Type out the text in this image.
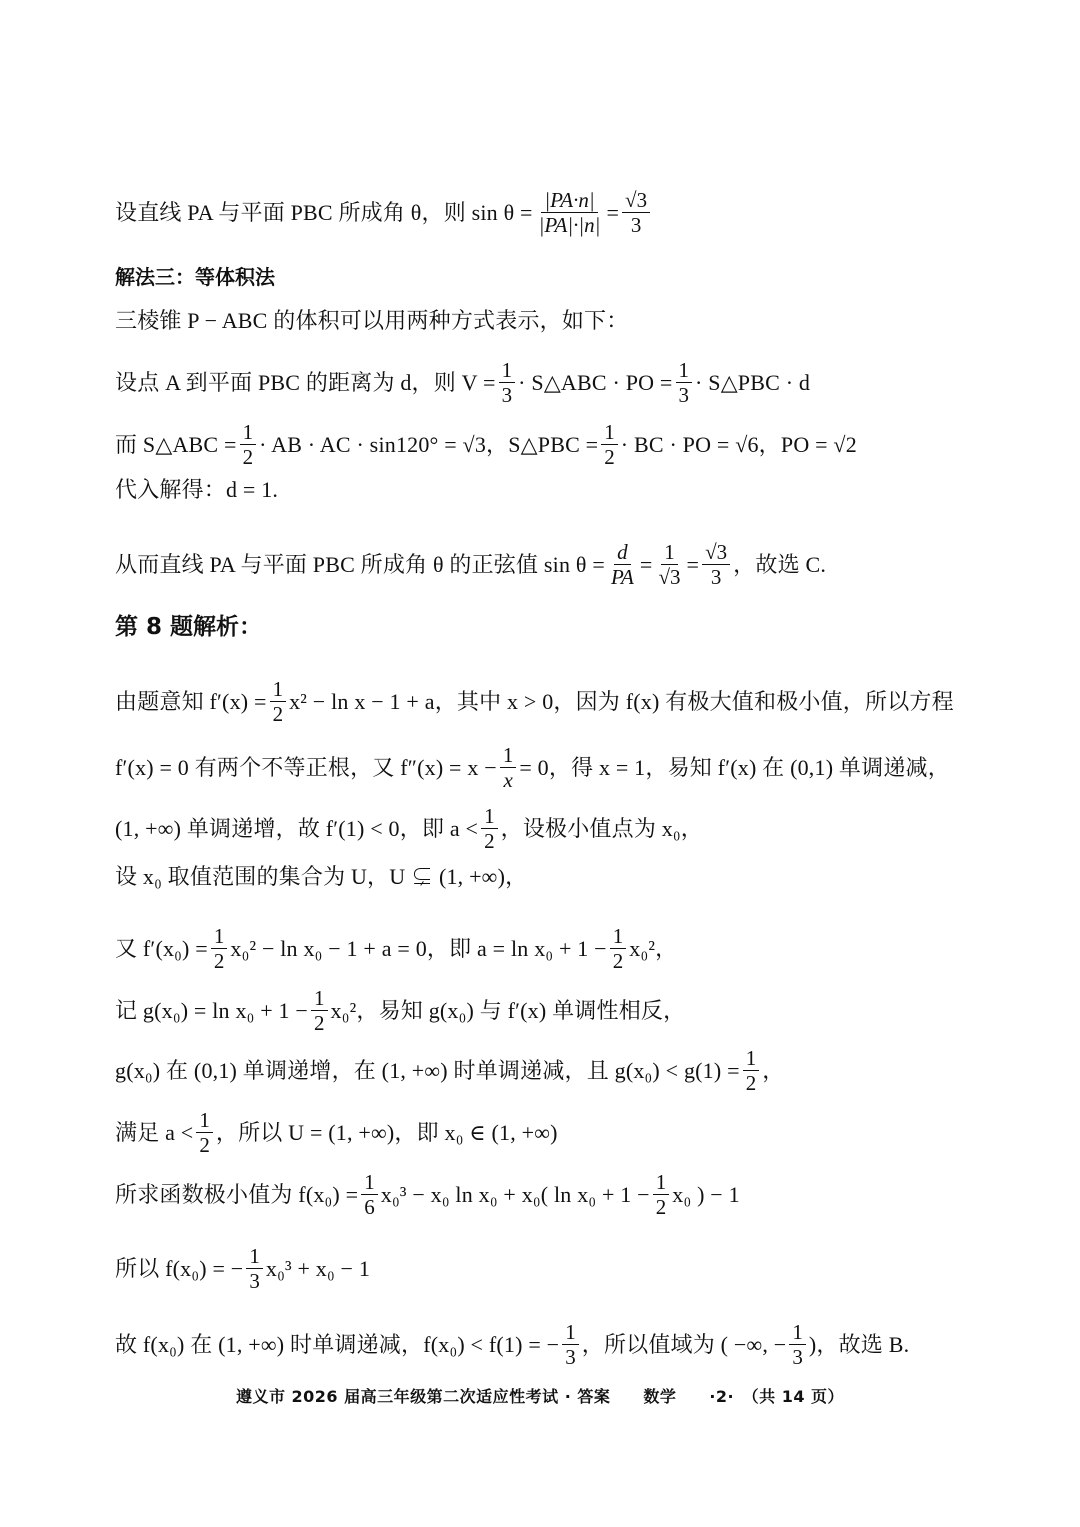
设直线 PA 与平面 PBC 所成角 θ，则 $\sin \theta = \frac{|PA\cdot n|}{|PA|\cdot|n|} = \frac{√3}{3}$
解法三：等体积法
三棱锥 P − ABC 的体积可以用两种方式表示，如下：
设点 A 到平面 PBC 的距离为 d，则 $V = \frac{1}{3}$ · S△ABC · PO = $\frac{1}{3}$ · S△PBC · d
而 S△ABC = $\frac{1}{2}$ · AB · AC · sin120° = √3，S△PBC = $\frac{1}{2}$ · BC · PO = √6，PO = √2
代入解得：d = 1.
从而直线 PA 与平面 PBC 所成角 θ 的正弦值 $\sin \theta = \frac{d}{PA} = \frac{1}{√3} = \frac{√3}{3}$ ，故选 C.
第 8 题解析：
由题意知 $f'(x) = \frac{1}{2} x^2 - \ln x - 1 + a$，其中 x > 0，因为 f(x) 有极大值和极小值，所以方程
f′(x) = 0 有两个不等正根，又 $f''(x) = x - \frac{1}{x} = 0$，得 x = 1，易知 f′(x) 在 (0,1) 单调递减，
(1, +∞) 单调递增，故 f′(1) < 0，即 $a < \frac{1}{2}$ ，设极小值点为 x₀，
设 x₀ 取值范围的集合为 U，U ⊊ (1, +∞)，
又 $f'(x_0) = \frac{1}{2} x_0^2 - \ln x_0 - 1 + a = 0$，即 $a = \ln x_0 + 1 - \frac{1}{2} x_0^2$，
记 $g(x_0) = \ln x_0 + 1 - \frac{1}{2} x_0^2$，易知 g(x₀) 与 f′(x) 单调性相反，
g(x₀) 在 (0,1) 单调递增，在 (1, +∞) 时单调递减，且 $g(x_0) < g(1) = \frac{1}{2}$ ，
满足 $a < \frac{1}{2}$ ，所以 U = (1, +∞)，即 x₀ ∈ (1, +∞)
所求函数极小值为 $f(x_0) = \frac{1}{6} x_0^3 - x_0$ ln x₀ + x₀( $\ln x_0 + 1 - \frac{1}{2} x_0$ ) − 1
所以 f(x₀) = − $\frac{1}{3} x_0^3 + x_0 - 1$
故 f(x₀) 在 (1, +∞) 时单调递减，f(x₀) < f(1) = − $\frac{1}{3}$ ，所以值域为 ( −∞, − $\frac{1}{3}$ )，故选 B.
遵义市 2026 届高三年级第二次适应性考试 · 答案　　数学　　·2·　（共 14 页）
